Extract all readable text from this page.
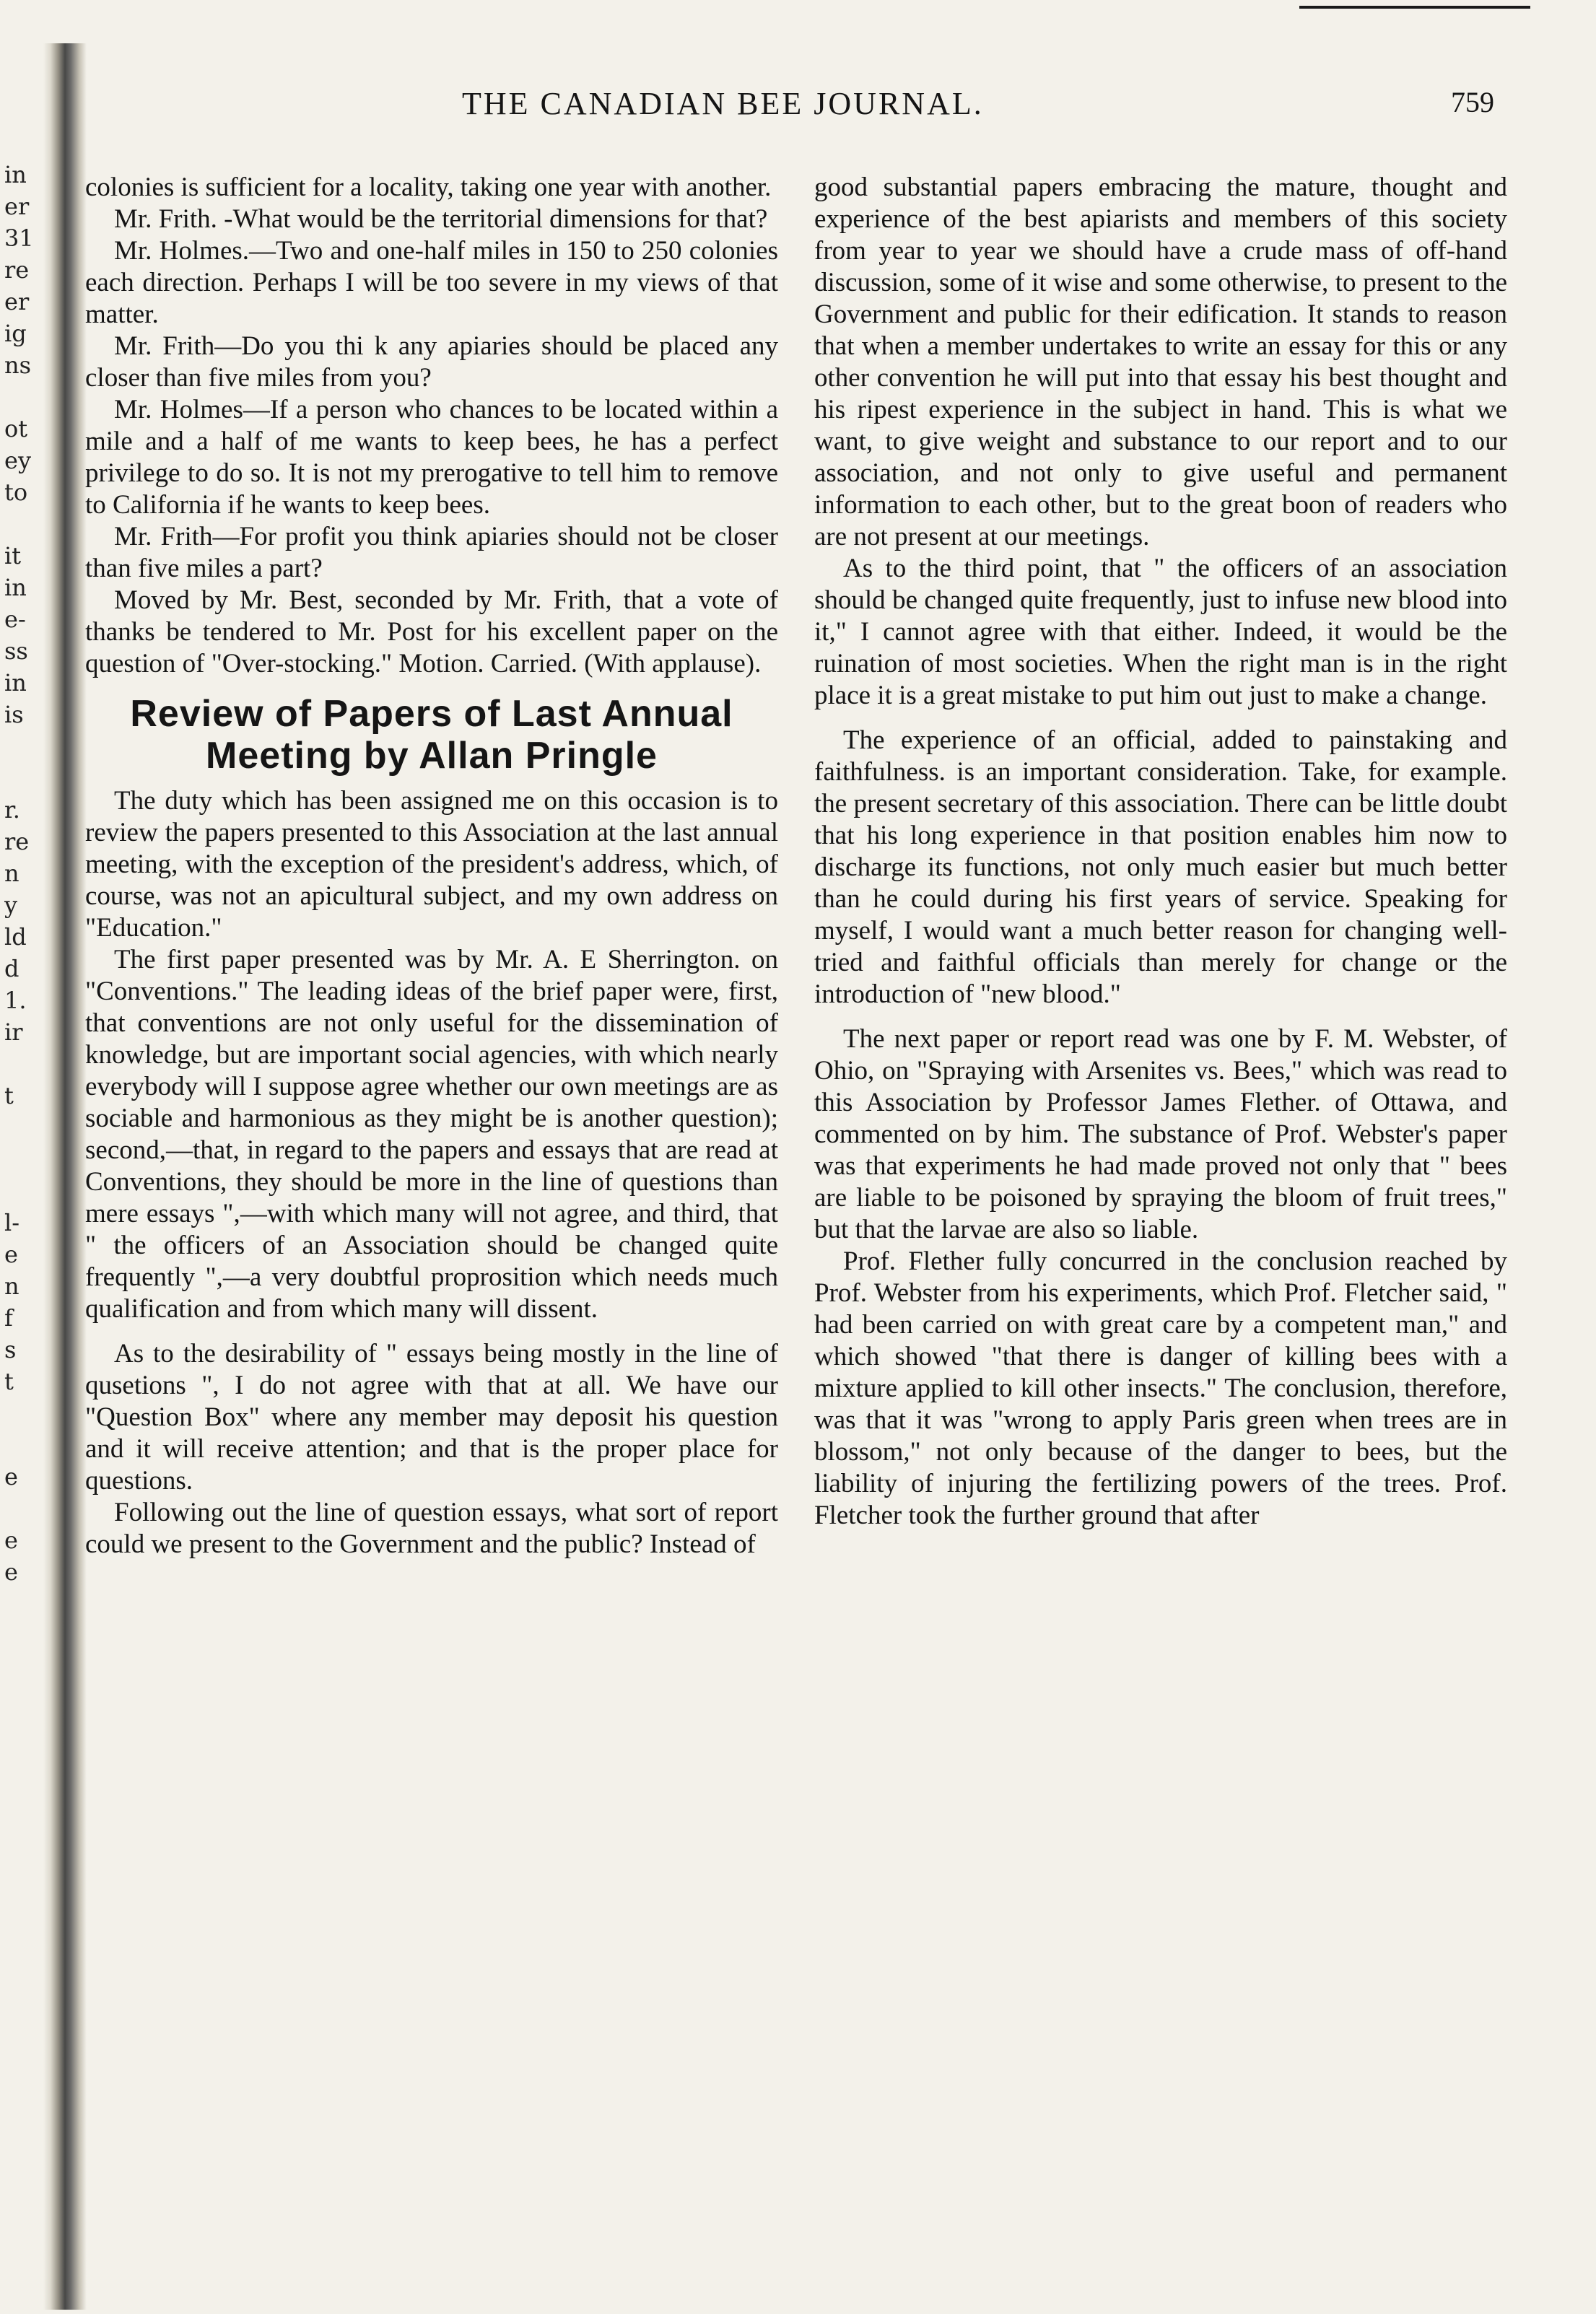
in
er
31
re
er
ig
ns
ot
ey
to
it
in
e-
ss
in
is
r.
re
n
y
ld
d
1.
ir
t
l-
e
n
f
s
t
e
e
e
THE CANADIAN BEE JOURNAL.	759

colonies is sufficient for a locality, taking one year with another.

Mr. Frith. -What would be the territorial dimensions for that?

Mr. Holmes.—Two and one-half miles in 150 to 250 colonies each direction. Perhaps I will be too severe in my views of that matter.

Mr. Frith—Do you thi k any apiaries should be placed any closer than five miles from you?

Mr. Holmes—If a person who chances to be located within a mile and a half of me wants to keep bees, he has a perfect privilege to do so. It is not my prerogative to tell him to remove to California if he wants to keep bees.

Mr. Frith—For profit you think apiaries should not be closer than five miles a part?

Moved by Mr. Best, seconded by Mr. Frith, that a vote of thanks be tendered to Mr. Post for his excellent paper on the question of "Over-stocking." Motion. Carried. (With applause).

Review of Papers of Last Annual
Meeting by Allan Pringle

The duty which has been assigned me on this occasion is to review the papers presented to this Association at the last annual meeting, with the exception of the president's address, which, of course, was not an apicultural subject, and my own address on "Education."

The first paper presented was by Mr. A. E Sherrington. on "Conventions." The leading ideas of the brief paper were, first, that conventions are not only useful for the dissemination of knowledge, but are important social agencies, with which nearly everybody will I suppose agree whether our own meetings are as sociable and harmonious as they might be is another question); second,—that, in regard to the papers and essays that are read at Conventions, they should be more in the line of questions than mere essays ",—with which many will not agree, and third, that " the officers of an Association should be changed quite frequently ",—a very doubtful proprosition which needs much qualification and from which many will dissent.

As to the desirability of " essays being mostly in the line of qusetions ", I do not agree with that at all. We have our "Question Box" where any member may deposit his question and it will receive attention; and that is the proper place for questions.

Following out the line of question essays, what sort of report could we present to the Government and the public? Instead of

good substantial papers embracing the mature, thought and experience of the best apiarists and members of this society from year to year we should have a crude mass of off-hand discussion, some of it wise and some otherwise, to present to the Government and public for their edification. It stands to reason that when a member undertakes to write an essay for this or any other convention he will put into that essay his best thought and his ripest experience in the subject in hand. This is what we want, to give weight and substance to our report and to our association, and not only to give useful and permanent information to each other, but to the great boon of readers who are not present at our meetings.

As to the third point, that " the officers of an association should be changed quite frequently, just to infuse new blood into it," I cannot agree with that either. Indeed, it would be the ruination of most societies. When the right man is in the right place it is a great mistake to put him out just to make a change.

The experience of an official, added to painstaking and faithfulness. is an important consideration. Take, for example. the present secretary of this association. There can be little doubt that his long experience in that position enables him now to discharge its functions, not only much easier but much better than he could during his first years of service. Speaking for myself, I would want a much better reason for changing well-tried and faithful officials than merely for change or the introduction of "new blood."

The next paper or report read was one by F. M. Webster, of Ohio, on "Spraying with Arsenites vs. Bees," which was read to this Association by Professor James Flether. of Ottawa, and commented on by him. The substance of Prof. Webster's paper was that experiments he had made proved not only that " bees are liable to be poisoned by spraying the bloom of fruit trees," but that the larvae are also so liable.

Prof. Flether fully concurred in the conclusion reached by Prof. Webster from his experiments, which Prof. Fletcher said, " had been carried on with great care by a competent man," and which showed "that there is danger of killing bees with a mixture applied to kill other insects." The conclusion, therefore, was that it was "wrong to apply Paris green when trees are in blossom," not only because of the danger to bees, but the liability of injuring the fertilizing powers of the trees. Prof. Fletcher took the further ground that after
